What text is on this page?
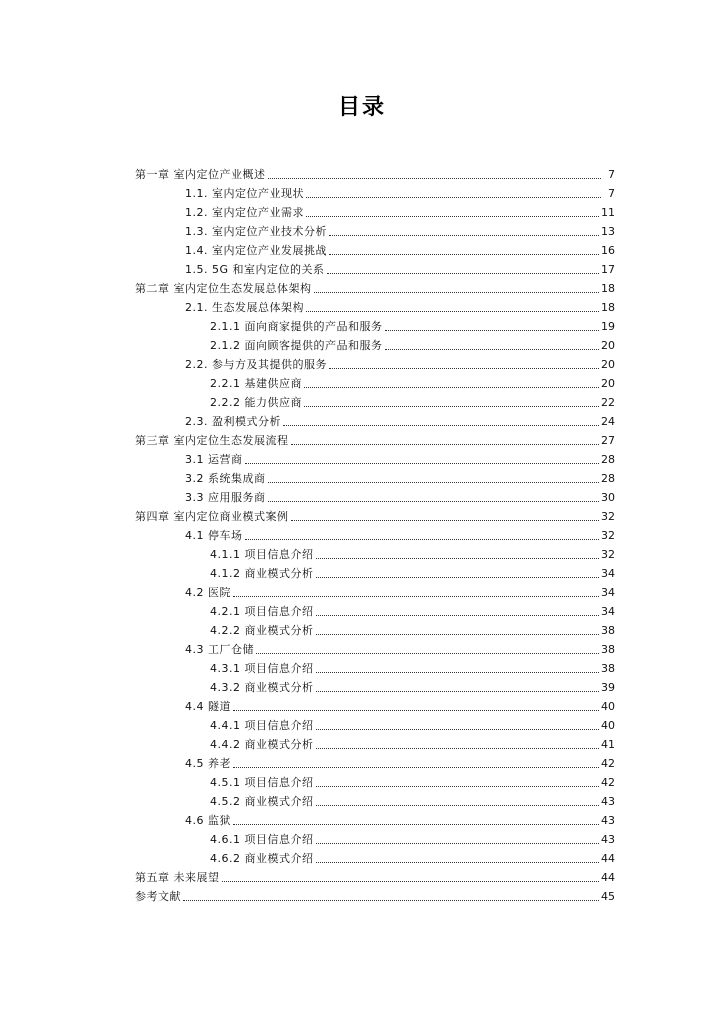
目录
第一章 室内定位产业概述	7
1.1. 室内定位产业现状	7
1.2. 室内定位产业需求	11
1.3. 室内定位产业技术分析	13
1.4. 室内定位产业发展挑战	16
1.5. 5G 和室内定位的关系	17
第二章 室内定位生态发展总体架构	18
2.1. 生态发展总体架构	18
2.1.1 面向商家提供的产品和服务	19
2.1.2 面向顾客提供的产品和服务	20
2.2. 参与方及其提供的服务	20
2.2.1 基建供应商	20
2.2.2 能力供应商	22
2.3. 盈利模式分析	24
第三章 室内定位生态发展流程	27
3.1 运营商	28
3.2 系统集成商	28
3.3 应用服务商	30
第四章 室内定位商业模式案例	32
4.1 停车场	32
4.1.1 项目信息介绍	32
4.1.2 商业模式分析	34
4.2 医院	34
4.2.1 项目信息介绍	34
4.2.2 商业模式分析	38
4.3 工厂仓储	38
4.3.1 项目信息介绍	38
4.3.2 商业模式分析	39
4.4 隧道	40
4.4.1 项目信息介绍	40
4.4.2 商业模式分析	41
4.5 养老	42
4.5.1 项目信息介绍	42
4.5.2 商业模式介绍	43
4.6 监狱	43
4.6.1 项目信息介绍	43
4.6.2 商业模式介绍	44
第五章 未来展望	44
参考文献	45
